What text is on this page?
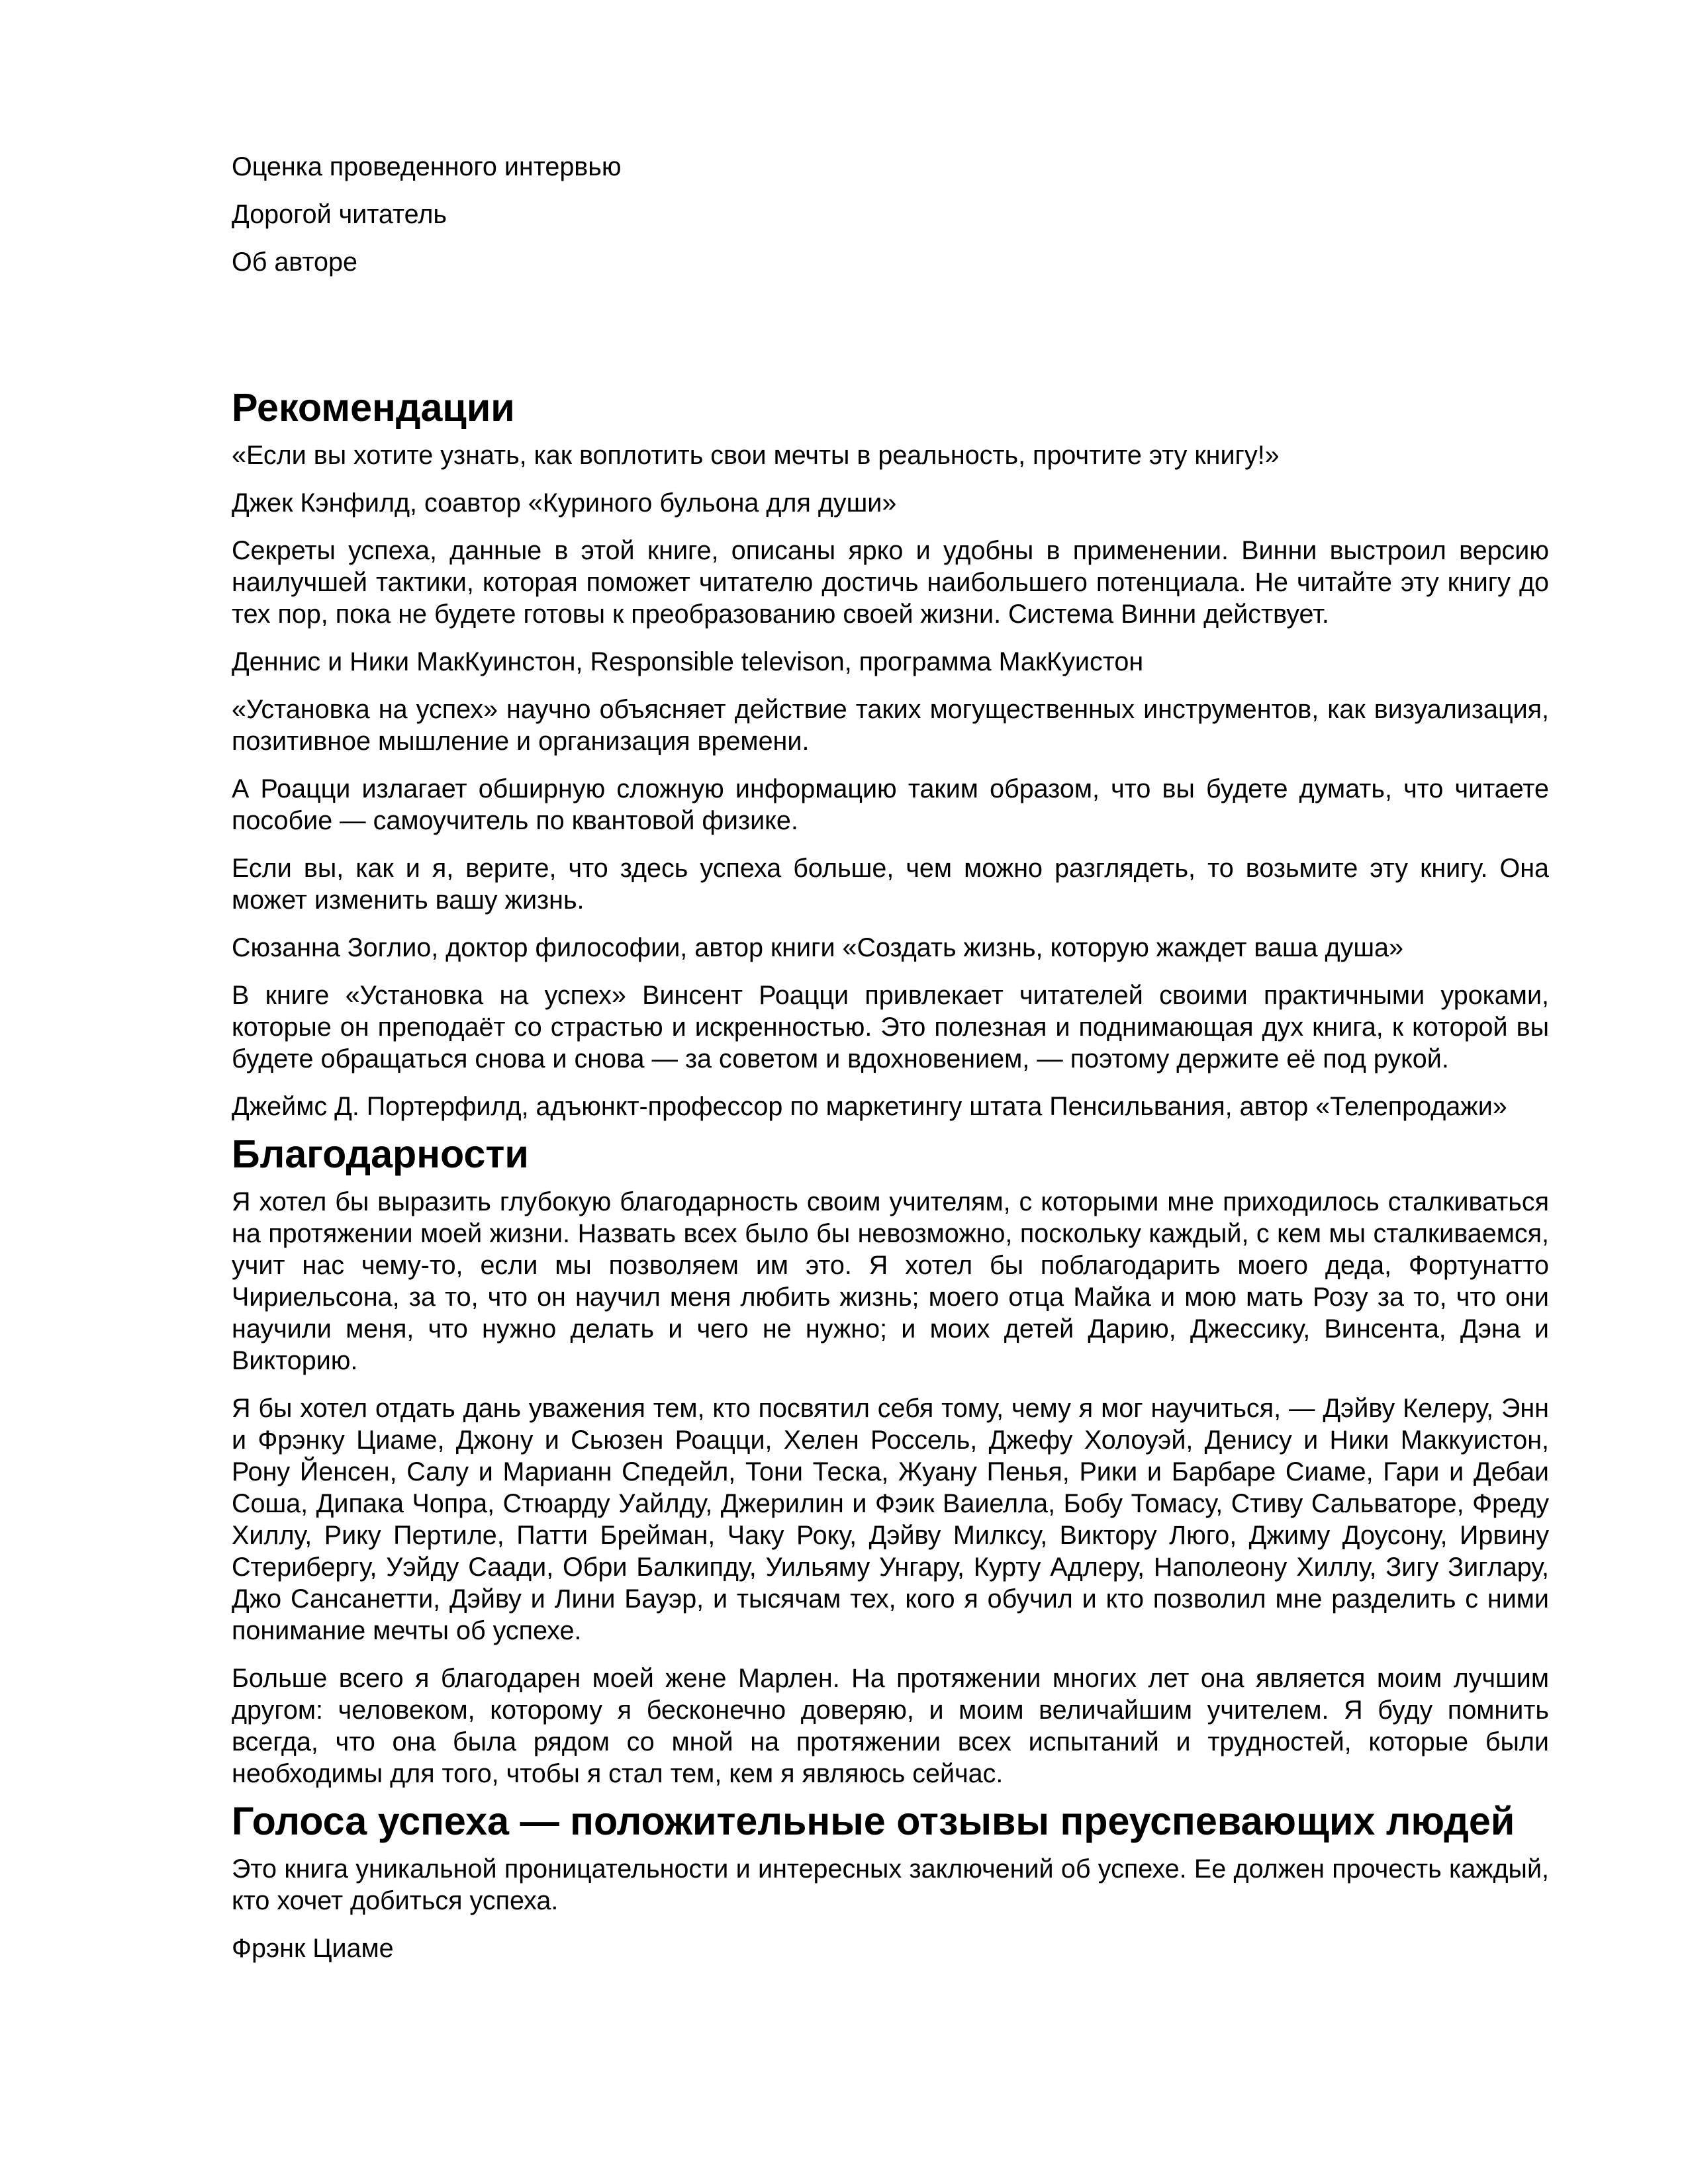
Оценка проведенного интервью

Дорогой читатель

Об авторе

Рекомендации

«Если вы хотите узнать, как воплотить свои мечты в реальность, прочтите эту книгу!»

Джек Кэнфилд, соавтор «Куриного бульона для души»

Секреты успеха, данные в этой книге, описаны ярко и удобны в применении. Винни выстроил версию наилучшей тактики, которая поможет читателю достичь наибольшего потенциала. Не читайте эту книгу до тех пор, пока не будете готовы к преобразованию своей жизни. Система Винни действует.

Деннис и Ники МакКуинстон, Responsible televison, программа МакКуистон

«Установка на успех» научно объясняет действие таких могущественных инструментов, как визуализация, позитивное мышление и организация времени.

А Роацци излагает обширную сложную информацию таким образом, что вы будете думать, что читаете пособие — самоучитель по квантовой физике.

Если вы, как и я, верите, что здесь успеха больше, чем можно разглядеть, то возьмите эту книгу. Она может изменить вашу жизнь.

Сюзанна Зоглио, доктор философии, автор книги «Создать жизнь, которую жаждет ваша душа»

В книге «Установка на успех» Винсент Роацци привлекает читателей своими практичными уроками, которые он преподаёт со страстью и искренностью. Это полезная и поднимающая дух книга, к которой вы будете обращаться снова и снова — за советом и вдохновением, — поэтому держите её под рукой.

Джеймс Д. Портерфилд, адъюнкт-профессор по маркетингу штата Пенсильвания, автор «Телепродажи»

Благодарности

Я хотел бы выразить глубокую благодарность своим учителям, с которыми мне приходилось сталкиваться на протяжении моей жизни. Назвать всех было бы невозможно, поскольку каждый, с кем мы сталкиваемся, учит нас чему-то, если мы позволяем им это. Я хотел бы поблагодарить моего деда, Фортунатто Чириельсона, за то, что он научил меня любить жизнь; моего отца Майка и мою мать Розу за то, что они научили меня, что нужно делать и чего не нужно; и моих детей Дарию, Джессику, Винсента, Дэна и Викторию.

Я бы хотел отдать дань уважения тем, кто посвятил себя тому, чему я мог научиться, — Дэйву Келеру, Энн и Фрэнку Циаме, Джону и Сьюзен Роацци, Хелен Россель, Джефу Холоуэй, Денису и Ники Маккуистон, Рону Йенсен, Салу и Марианн Спедейл, Тони Теска, Жуану Пенья, Рики и Барбаре Сиаме, Гари и Дебаи Соша, Дипака Чопра, Стюарду Уайлду, Джерилин и Фэик Ваиелла, Бобу Томасу, Стиву Сальваторе, Фреду Хиллу, Рику Пертиле, Патти Брейман, Чаку Року, Дэйву Милксу, Виктору Люго, Джиму Доусону, Ирвину Стерибергу, Уэйду Саади, Обри Балкипду, Уильяму Унгару, Курту Адлеру, Наполеону Хиллу, Зигу Зиглару, Джо Сансанетти, Дэйву и Лини Бауэр, и тысячам тех, кого я обучил и кто позволил мне разделить с ними понимание мечты об успехе.

Больше всего я благодарен моей жене Марлен. На протяжении многих лет она является моим лучшим другом: человеком, которому я бесконечно доверяю, и моим величайшим учителем. Я буду помнить всегда, что она была рядом со мной на протяжении всех испытаний и трудностей, которые были необходимы для того, чтобы я стал тем, кем я являюсь сейчас.

Голоса успеха — положительные отзывы преуспевающих людей

Это книга уникальной проницательности и интересных заключений об успехе. Ее должен прочесть каждый, кто хочет добиться успеха.

Фрэнк Циаме
